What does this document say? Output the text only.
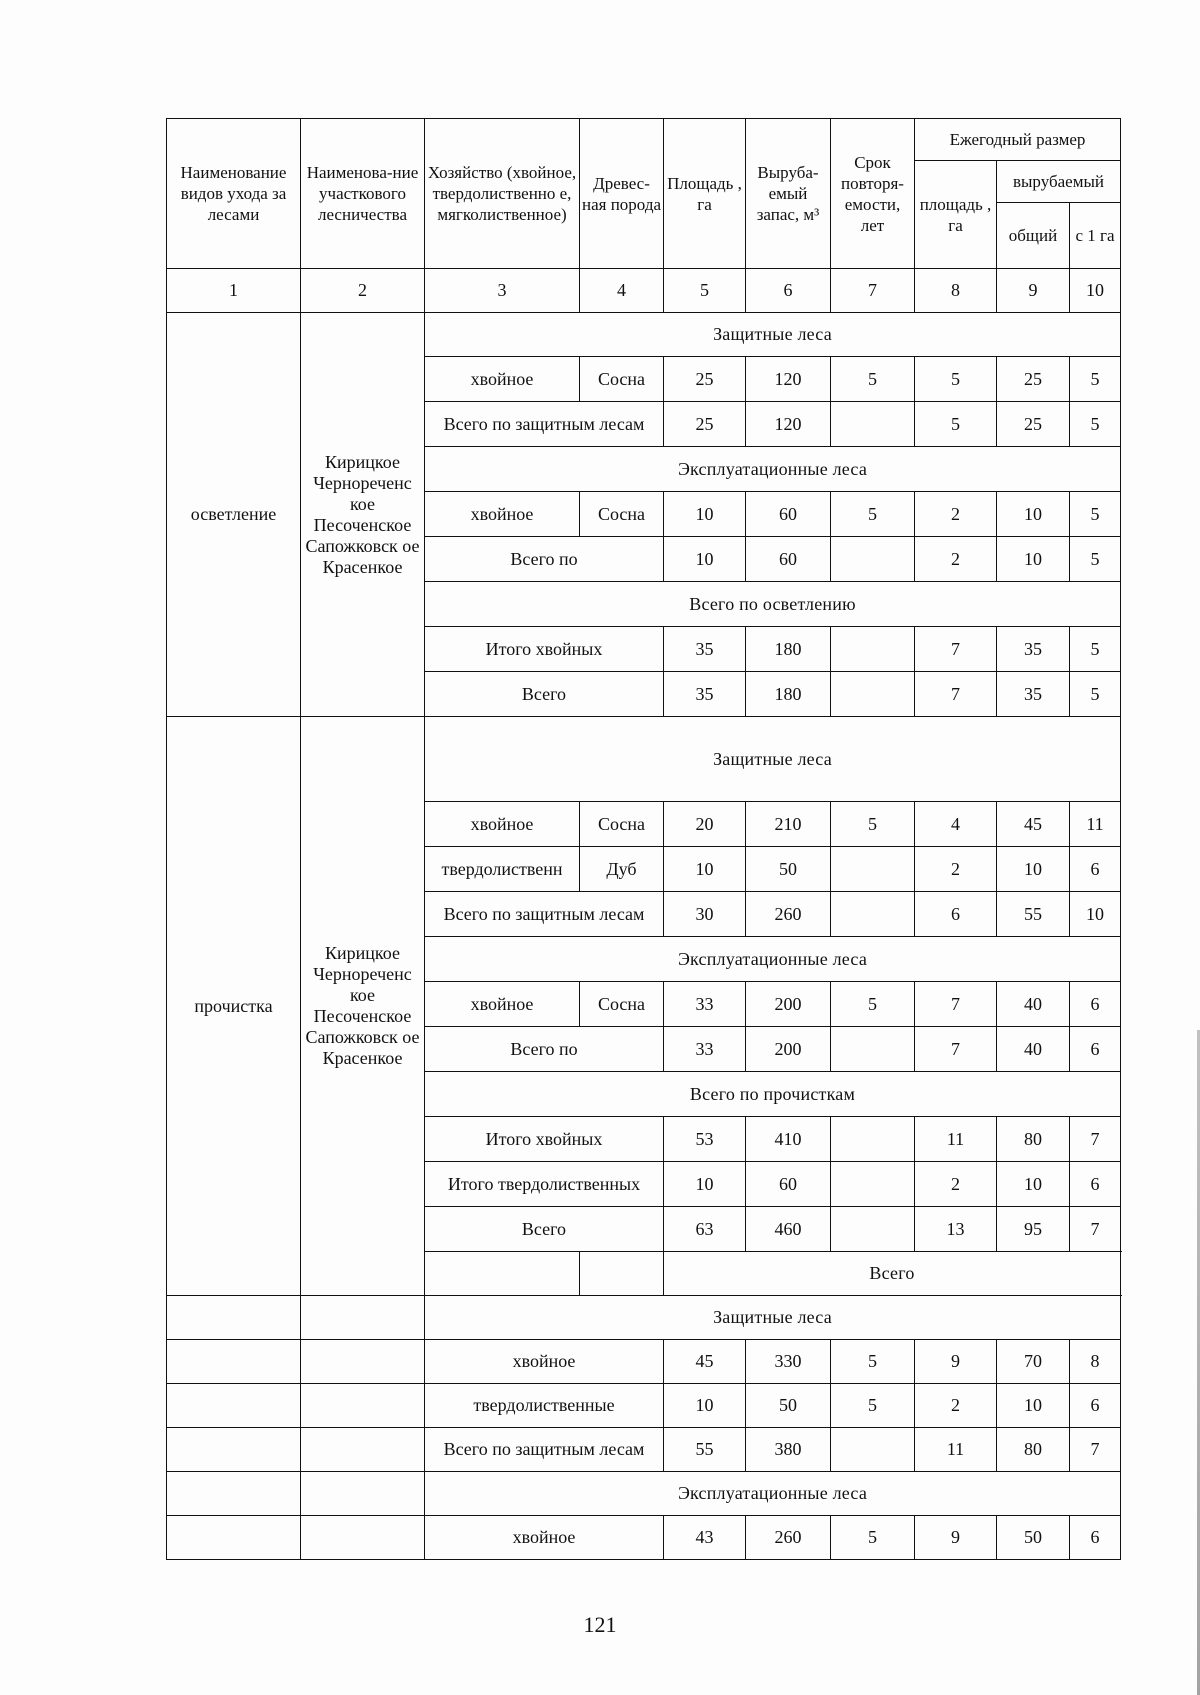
Наименование видов ухода за лесами	Наименова-ние участкового лесничества	Хозяйство (хвойное, твердолиственно е, мягколиственное)	Древес-ная порода	Площадь , га	Выруба-емый запас, м³	Срок повторя-емости, лет	Ежегодный размер		
							площадь , га	вырубаемый	
								общий	с 1 га
1	2	3	4	5	6	7	8	9	10
осветление	Кирицкое Чернореченс кое Песоченское Сапожковск ое Красенкое	Защитные леса							
		хвойное	Сосна	25	120	5	5	25	5
		Всего по защитным лесам		25	120		5	25	5
		Эксплуатационные леса							
		хвойное	Сосна	10	60	5	2	10	5
		Всего по		10	60		2	10	5
		Всего по осветлению							
		Итого хвойных		35	180		7	35	5
		Всего		35	180		7	35	5
прочистка	Кирицкое Чернореченс кое Песоченское Сапожковск ое Красенкое	Защитные леса							
		хвойное	Сосна	20	210	5	4	45	11
		твердолиственн	Дуб	10	50		2	10	6
		Всего по защитным лесам		30	260		6	55	10
		Эксплуатационные леса							
		хвойное	Сосна	33	200	5	7	40	6
		Всего по		33	200		7	40	6
		Всего по прочисткам							
		Итого хвойных		53	410		11	80	7
		Итого твердолиственных		10	60		2	10	6
		Всего		63	460		13	95	7
				Всего					
		Защитные леса							
		хвойное		45	330	5	9	70	8
		твердолиственные		10	50	5	2	10	6
		Всего по защитным лесам		55	380		11	80	7
		Эксплуатационные леса							
		хвойное		43	260	5	9	50	6
121
